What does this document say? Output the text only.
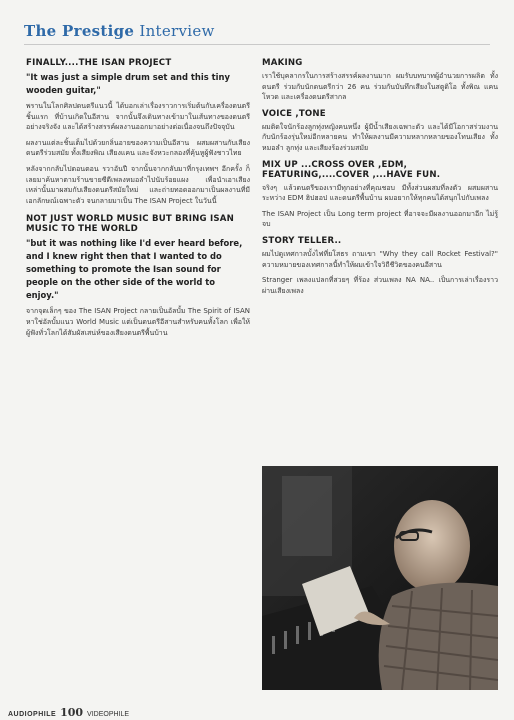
The Prestige Interview
FINALLY....THE ISAN PROJECT
"It was just a simple drum set and this tiny wooden guitar,"
พรานในโลกศิลปดนตรีแนวนี้ ได้บอกเล่าเรื่องราวการเริ่มต้นกับเครื่องดนตรีชิ้นแรก ที่บ้านเกิดในอีสาน จากนั้นจึงเดินทางเข้ามาในเส้นทางของดนตรีอย่างจริงจัง และได้สร้างสรรค์ผลงานออกมาอย่างต่อเนื่องจนถึงปัจจุบัน
ผลงานแต่ละชิ้นเต็มไปด้วยกลิ่นอายของความเป็นอีสาน ผสมผสานกับเสียงดนตรีร่วมสมัย ทั้งเสียงพิณ เสียงแคน และจังหวะกลองที่คุ้นหูผู้ฟังชาวไทย
หลังจากกลับไปตอนตอน รวาอันปี จากนั้นจากกลับมาที่กรุงเทพฯ อีกครั้ง ก็เลยมาค้นหาตามร้านขายซีดีเพลงหมอลำไปนับร้อยแผง เพื่อนำเอาเสียงเหล่านั้นมาผสมกับเสียงดนตรีสมัยใหม่ และถ่ายทอดออกมาเป็นผลงานที่มีเอกลักษณ์เฉพาะตัว จนกลายมาเป็น The ISAN Project ในวันนี้
NOT JUST WORLD MUSIC BUT BRING ISAN MUSIC TO THE WORLD
"but it was nothing like I'd ever heard before, and I knew right then that I wanted to do something to promote the Isan sound for people on the other side of the world to enjoy."
จากจุดเล็กๆ ของ The ISAN Project กลายเป็นอัลบั้ม The Spirit of ISAN หาใช่อัลบั้มแนว World Music แต่เป็นดนตรีอีสานสำหรับคนทั้งโลก เพื่อให้ผู้ฟังทั่วโลกได้สัมผัสเสน่ห์ของเสียงดนตรีพื้นบ้าน
MAKING
เราใช้บุคลากรในการสร้างสรรค์ผลงานมาก ผมรับบทบาทผู้อำนวยการผลิต ทั้งดนตรี ร่วมกับนักดนตรีกว่า 26 คน ร่วมกันบันทึกเสียงในสตูดิโอ ทั้งพิณ แคน โหวด และเครื่องดนตรีสากล
VOICE ,TONE
ผมติดใจนักร้องลูกทุ่งหญิงคนหนึ่ง ผู้มีน้ำเสียงเฉพาะตัว และได้มีโอกาสร่วมงานกับนักร้องรุ่นใหม่อีกหลายคน ทำให้ผลงานมีความหลากหลายของโทนเสียง ทั้งหมอลำ ลูกทุ่ง และเสียงร้องร่วมสมัย
MIX UP ...CROSS OVER ,EDM, FEATURING,....COVER ,...HAVE FUN.
จริงๆ แล้วดนตรีของเรามีทุกอย่างที่คุณชอบ มีทั้งส่วนผสมที่ลงตัว ผสมผสานระหว่าง EDM ฮิปฮอป และดนตรีพื้นบ้าน ผมอยากให้ทุกคนได้สนุกไปกับเพลง
The ISAN Project เป็น Long term project ที่อาจจะมีผลงานออกมาอีก ไม่รู้จบ
STORY TELLER..
ผมไปดูเทศกาลบั้งไฟที่ยโสธร ถามเขา "Why they call Rocket Festival?" ความหมายของเทศกาลนี้ทำให้ผมเข้าใจวิถีชีวิตของคนอีสาน
Stranger เพลงแปลกที่สวยๆ ที่ร้อง ส่วนเพลง NA NA.. เป็นการเล่าเรื่องราวผ่านเสียงเพลง
AUDIOPHILE 100 VIDEOPHILE
